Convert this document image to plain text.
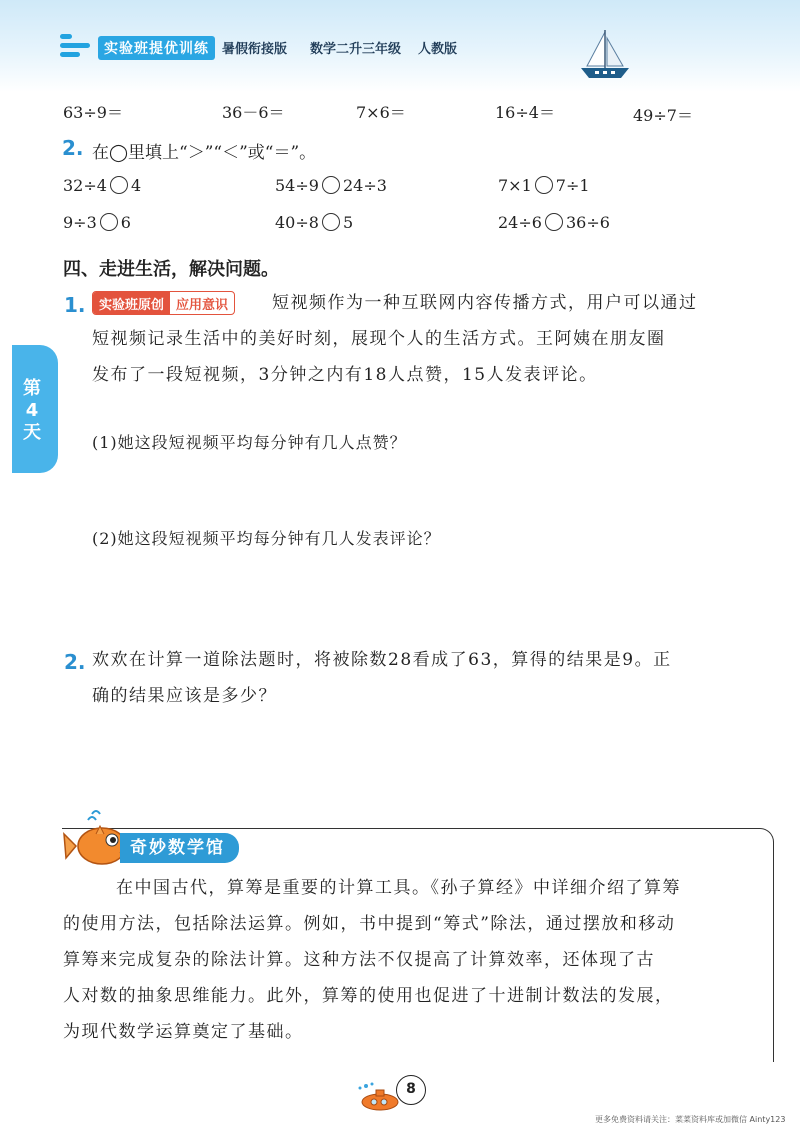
实验班提优训练	暑假衔接版 数学二升三年级 人教版
第
4
天
63÷9＝	36－6＝	7×6＝	16÷4＝	49÷7＝
2. 在◯里填上“＞”“＜”或“＝”。
32÷4 4	54÷9 24÷3	7×1 7÷1
9÷3 6	40÷8 5	24÷6 36÷6
四、走进生活，解决问题。
1.	实验班原创 应用意识	短视频作为一种互联网内容传播方式，用户可以通过
短视频记录生活中的美好时刻，展现个人的生活方式。王阿姨在朋友圈
发布了一段短视频，3分钟之内有18人点赞，15人发表评论。
(1)她这段短视频平均每分钟有几人点赞？
(2)她这段短视频平均每分钟有几人发表评论？
2. 欢欢在计算一道除法题时，将被除数28看成了63，算得的结果是9。正
确的结果应该是多少？
奇妙数学馆
在中国古代，算筹是重要的计算工具。《孙子算经》中详细介绍了算筹
的使用方法，包括除法运算。例如，书中提到“筹式”除法，通过摆放和移动
算筹来完成复杂的除法计算。这种方法不仅提高了计算效率，还体现了古
人对数的抽象思维能力。此外，算筹的使用也促进了十进制计数法的发展，
为现代数学运算奠定了基础。
8
更多免费资料请关注：菜菜资料库或加微信 Ainty123
